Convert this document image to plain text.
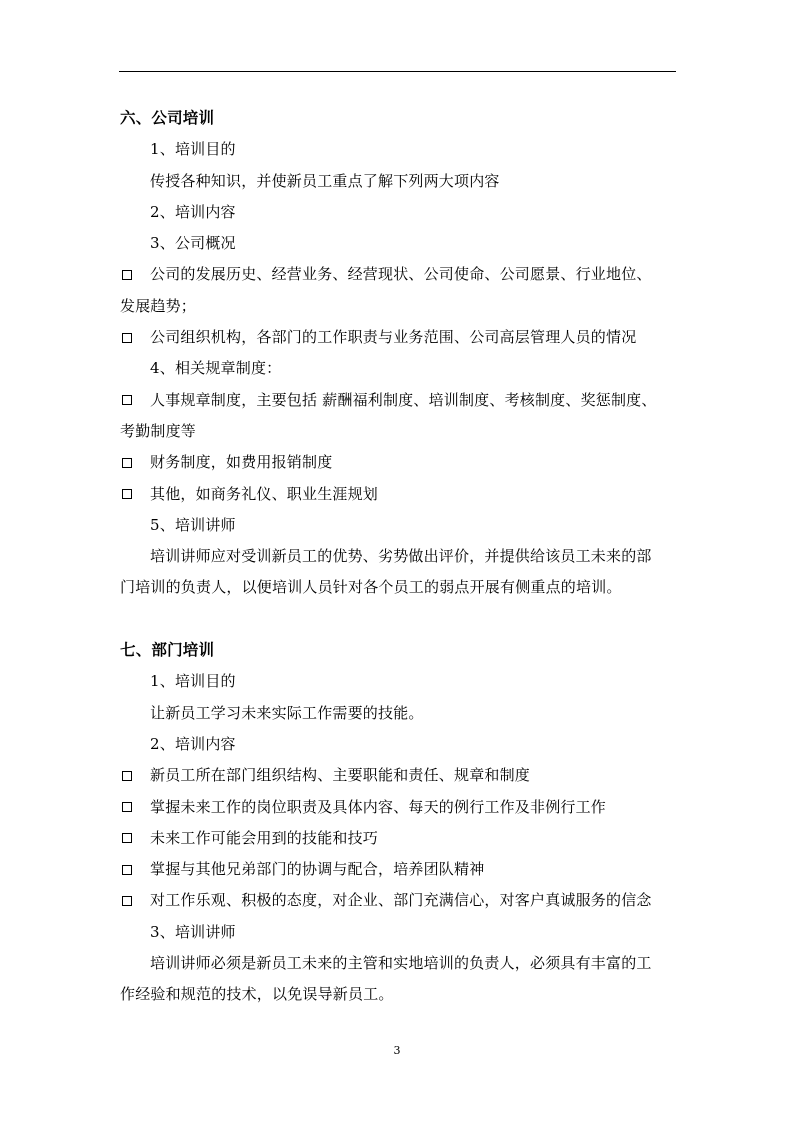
六、公司培训
1、培训目的
传授各种知识，并使新员工重点了解下列两大项内容
2、培训内容
3、公司概况
公司的发展历史、经营业务、经营现状、公司使命、公司愿景、行业地位、
发展趋势；
公司组织机构，各部门的工作职责与业务范围、公司高层管理人员的情况
4、相关规章制度：
人事规章制度，主要包括 薪酬福利制度、培训制度、考核制度、奖惩制度、
考勤制度等
财务制度，如费用报销制度
其他，如商务礼仪、职业生涯规划
5、培训讲师
培训讲师应对受训新员工的优势、劣势做出评价，并提供给该员工未来的部
门培训的负责人，以便培训人员针对各个员工的弱点开展有侧重点的培训。
七、部门培训
1、培训目的
让新员工学习未来实际工作需要的技能。
2、培训内容
新员工所在部门组织结构、主要职能和责任、规章和制度
掌握未来工作的岗位职责及具体内容、每天的例行工作及非例行工作
未来工作可能会用到的技能和技巧
掌握与其他兄弟部门的协调与配合，培养团队精神
对工作乐观、积极的态度，对企业、部门充满信心，对客户真诚服务的信念
3、培训讲师
培训讲师必须是新员工未来的主管和实地培训的负责人，必须具有丰富的工
作经验和规范的技术，以免误导新员工。
3
